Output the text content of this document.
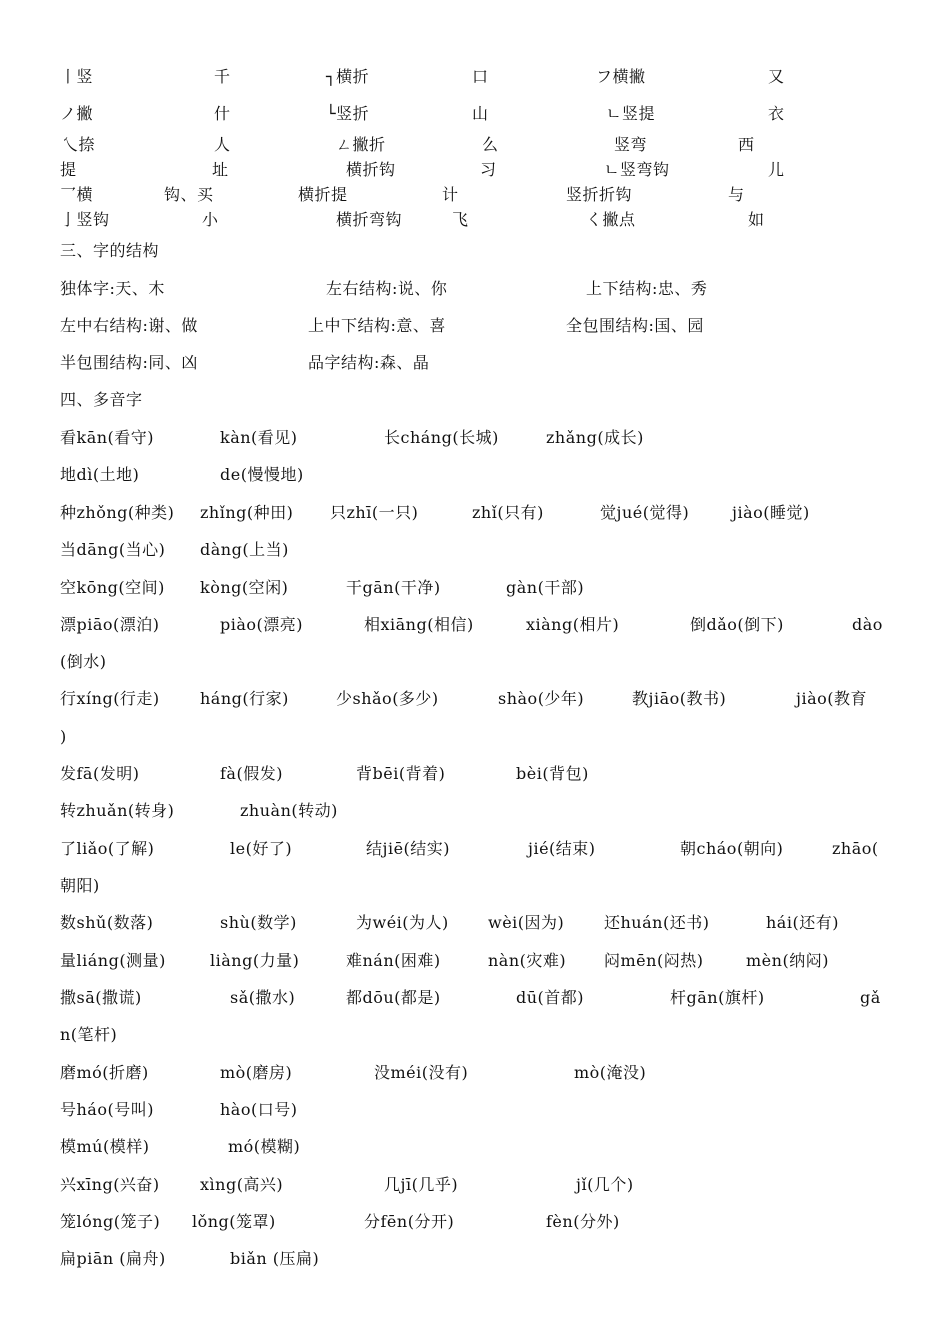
丨竖	千	┐横折	口	フ横撇	又
ノ撇	什	└竖折	山	ㄴ竖提	衣
乀捺	人	ㄥ撇折	么	竖弯	西
提	址	横折钩	习	ㄴ竖弯钩	儿
乛横	钩、买	横折提	计	竖折折钩	与
亅竖钩	小	横折弯钩	飞	く撇点	如
三、字的结构
独体字:天、木	左右结构:说、你	上下结构:忠、秀
左中右结构:谢、做	上中下结构:意、喜	全包围结构:国、园
半包围结构:同、凶	品字结构:森、晶
四、多音字
看kān(看守)	kàn(看见)	长cháng(长城)	zhǎng(成长)
地dì(土地)	de(慢慢地)
种zhǒng(种类) zhǐng(种田) 只zhī(一只)	zhǐ(只有)	觉jué(觉得)	jiào(睡觉)
当dāng(当心) dàng(上当)
空kōng(空间) kòng(空闲)	干gān(干净)	gàn(干部)
漂piāo(漂泊)	piào(漂亮)	相xiāng(相信)	xiàng(相片)	倒dǎo(倒下)	dào
(倒水)
行xíng(行走)	háng(行家)	少shǎo(多少)	shào(少年)	教jiāo(教书)	jiào(教育
)
发fā(发明)	fà(假发)	背bēi(背着)	bèi(背包)
转zhuǎn(转身)	zhuàn(转动)
了liǎo(了解)	le(好了)	结jiē(结实)	jié(结束)	朝cháo(朝向)	zhāo(
朝阳)
数shǔ(数落)	shù(数学)	为wéi(为人) wèi(因为) 还huán(还书)	hái(还有)
量liáng(测量)	liàng(力量)	难nán(困难)	nàn(灾难) 闷mēn(闷热)	mèn(纳闷)
撒sā(撒谎)	sǎ(撒水)	都dōu(都是)	dū(首都)	杆gān(旗杆)	gǎ
n(笔杆)
磨mó(折磨)	mò(磨房)	没méi(没有)	mò(淹没)
号háo(号叫)	hào(口号)
模mú(模样)	mó(模糊)
兴xīng(兴奋)	xìng(高兴)	几jī(几乎)	jǐ(几个)
笼lóng(笼子) lǒng(笼罩)	分fēn(分开)	fèn(分外)
扁piān (扁舟)	biǎn (压扁)
